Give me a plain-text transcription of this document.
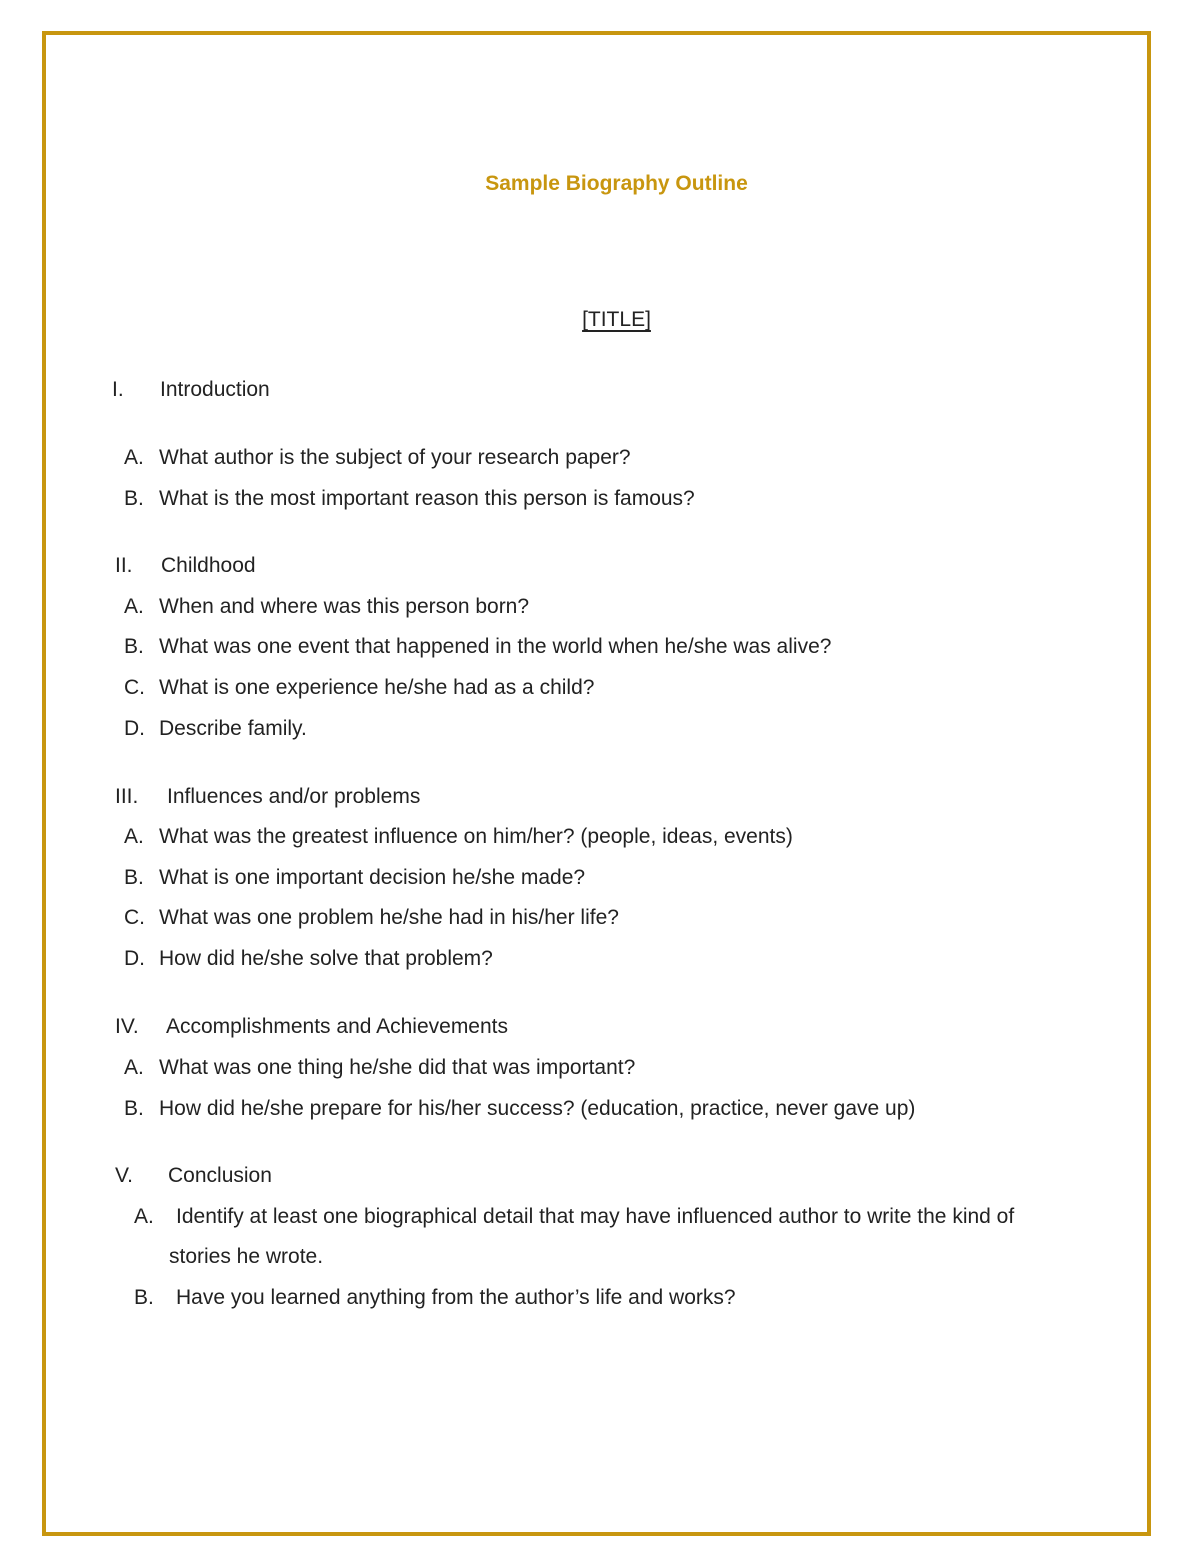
Sample Biography Outline
[TITLE]
I. Introduction
A. What author is the subject of your research paper?
B. What is the most important reason this person is famous?
II. Childhood
A. When and where was this person born?
B. What was one event that happened in the world when he/she was alive?
C. What is one experience he/she had as a child?
D. Describe family.
III. Influences and/or problems
A. What was the greatest influence on him/her? (people, ideas, events)
B. What is one important decision he/she made?
C. What was one problem he/she had in his/her life?
D. How did he/she solve that problem?
IV. Accomplishments and Achievements
A. What was one thing he/she did that was important?
B. How did he/she prepare for his/her success? (education, practice, never gave up)
V. Conclusion
A. Identify at least one biographical detail that may have influenced author to write the kind of
stories he wrote.
B. Have you learned anything from the author’s life and works?
